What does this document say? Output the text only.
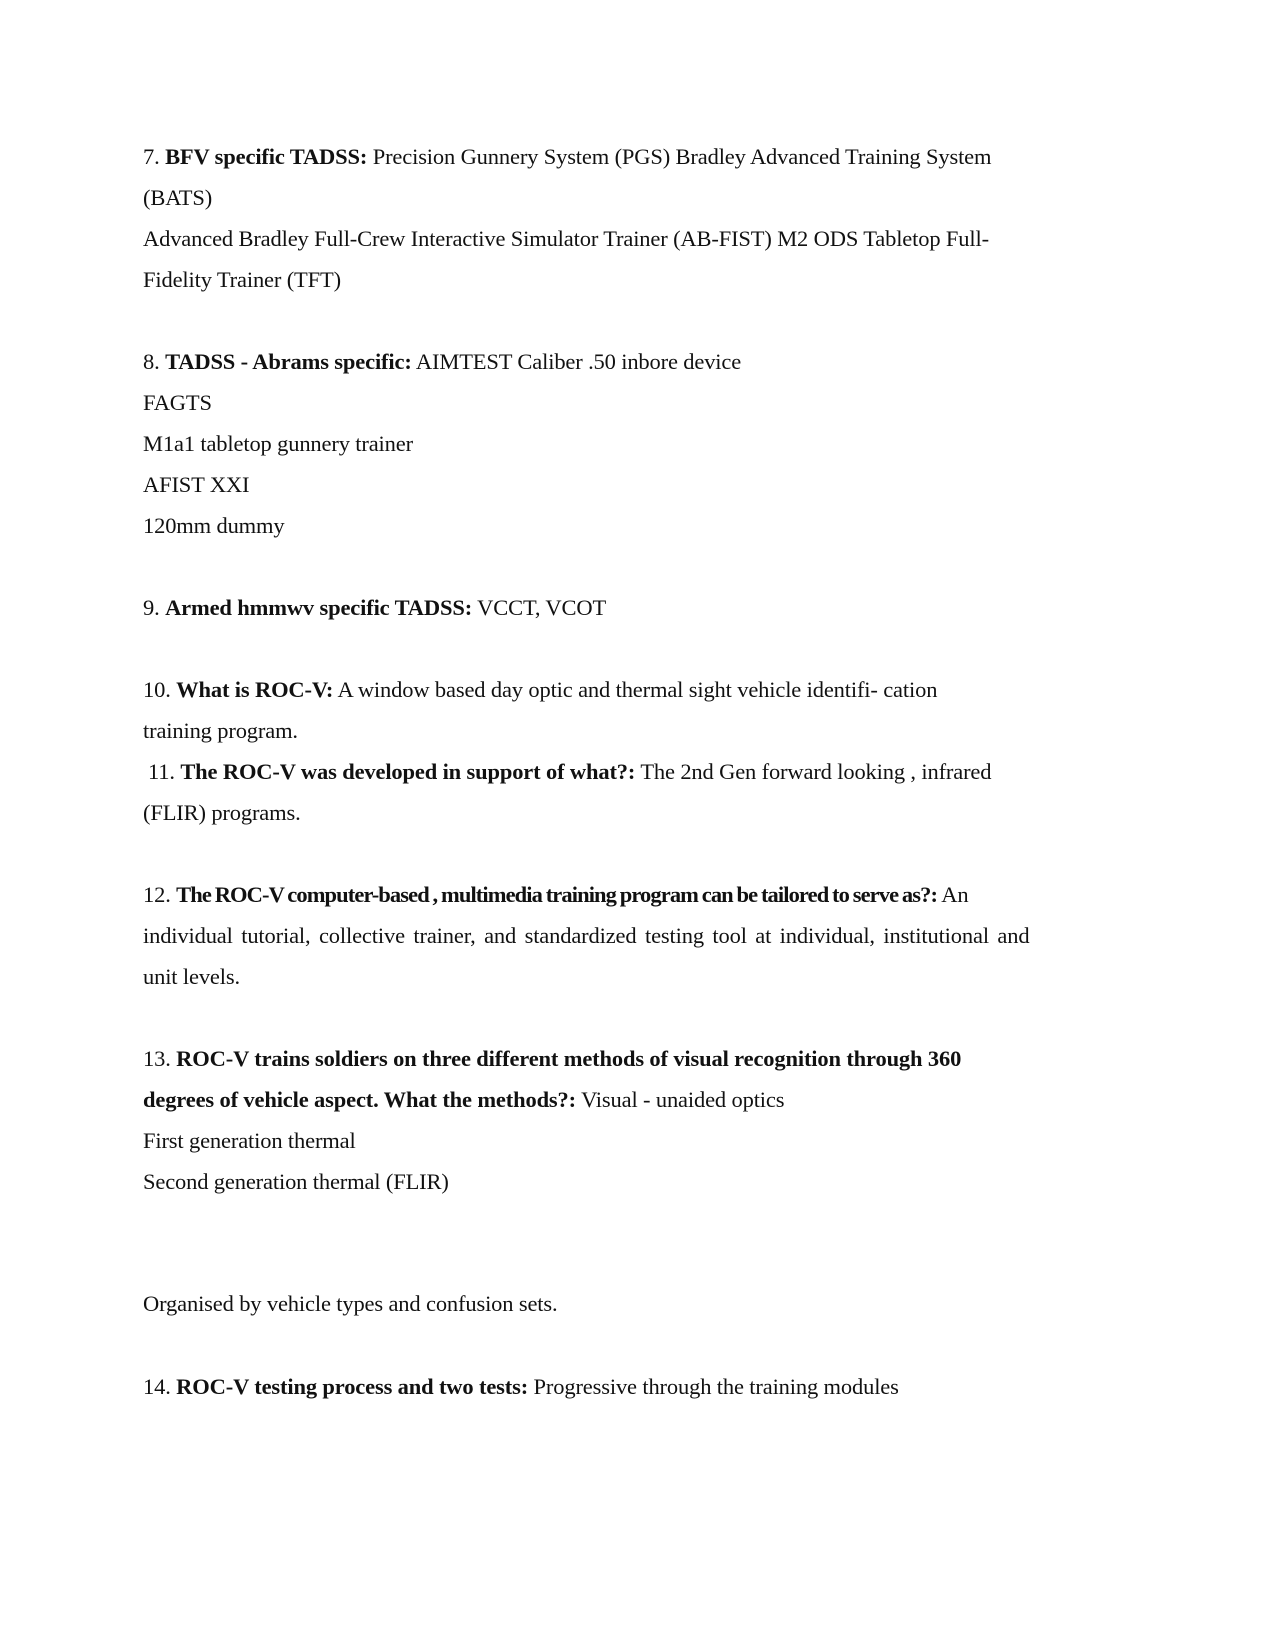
7. BFV specific TADSS: Precision Gunnery System (PGS) Bradley Advanced Training System
(BATS)
Advanced Bradley Full-Crew Interactive Simulator Trainer (AB-FIST) M2 ODS Tabletop Full-
Fidelity Trainer (TFT)
8. TADSS - Abrams specific: AIMTEST Caliber .50 inbore device
FAGTS
M1a1 tabletop gunnery trainer
AFIST XXI
120mm dummy
9. Armed hmmwv specific TADSS: VCCT, VCOT
10. What is ROC-V: A window based day optic and thermal sight vehicle identifi- cation
training program.
11. The ROC-V was developed in support of what?: The 2nd Gen forward looking , infrared
(FLIR) programs.
12. The ROC-V computer-based , multimedia training program can be tailored to serve as?: An
individual tutorial, collective trainer, and standardized testing tool at individual, institutional and
unit levels.
13. ROC-V trains soldiers on three different methods of visual recognition through 360
degrees of vehicle aspect. What the methods?: Visual - unaided optics
First generation thermal
Second generation thermal (FLIR)
Organised by vehicle types and confusion sets.
14. ROC-V testing process and two tests: Progressive through the training modules
